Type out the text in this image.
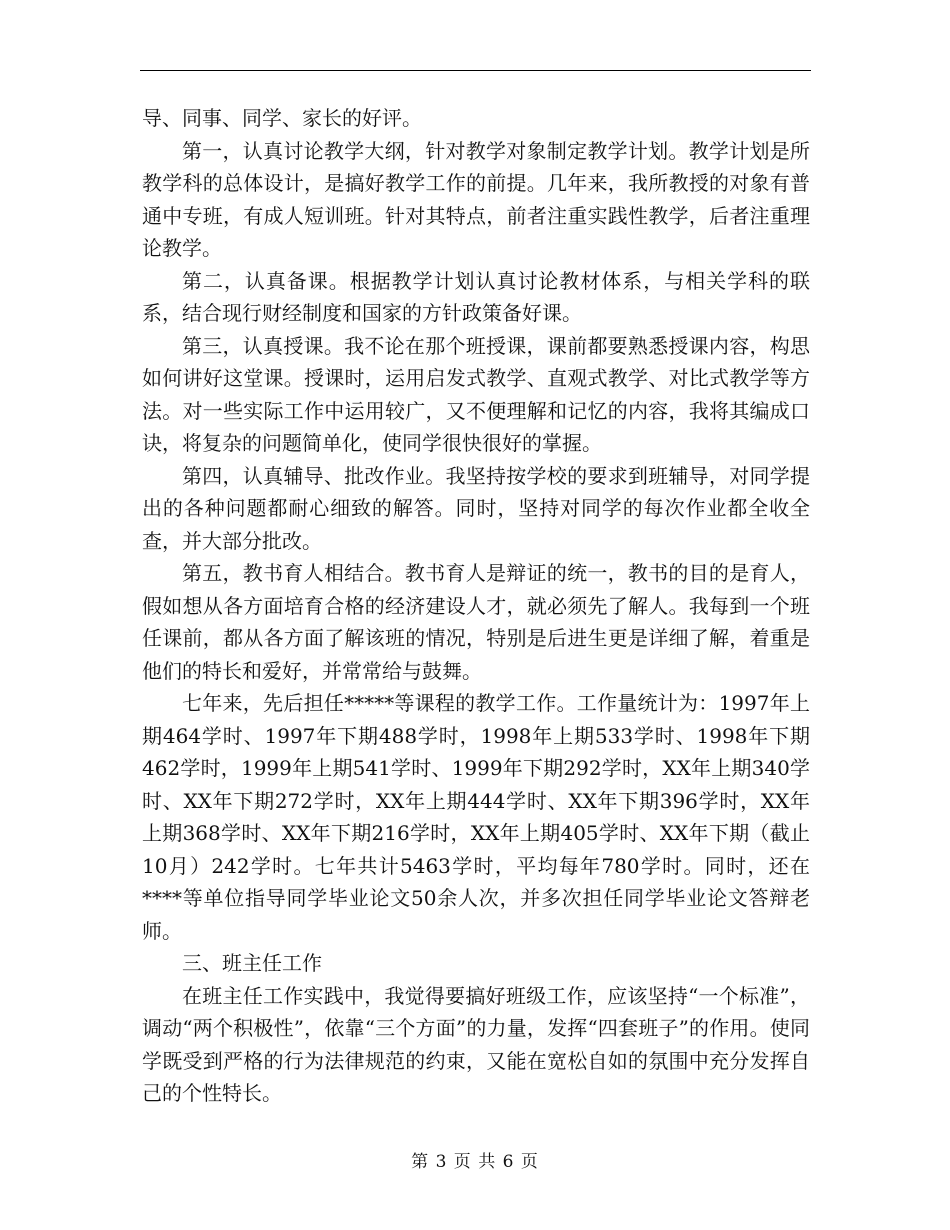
导、同事、同学、家长的好评。

第一，认真讨论教学大纲，针对教学对象制定教学计划。教学计划是所教学科的总体设计，是搞好教学工作的前提。几年来，我所教授的对象有普通中专班，有成人短训班。针对其特点，前者注重实践性教学，后者注重理论教学。

第二，认真备课。根据教学计划认真讨论教材体系，与相关学科的联系，结合现行财经制度和国家的方针政策备好课。

第三，认真授课。我不论在那个班授课，课前都要熟悉授课内容，构思如何讲好这堂课。授课时，运用启发式教学、直观式教学、对比式教学等方法。对一些实际工作中运用较广，又不便理解和记忆的内容，我将其编成口诀，将复杂的问题简单化，使同学很快很好的掌握。

第四，认真辅导、批改作业。我坚持按学校的要求到班辅导，对同学提出的各种问题都耐心细致的解答。同时，坚持对同学的每次作业都全收全查，并大部分批改。

第五，教书育人相结合。教书育人是辩证的统一，教书的目的是育人，假如想从各方面培育合格的经济建设人才，就必须先了解人。我每到一个班任课前，都从各方面了解该班的情况，特别是后进生更是详细了解，着重是他们的特长和爱好，并常常给与鼓舞。

七年来，先后担任*****等课程的教学工作。工作量统计为：1997年上期464学时、1997年下期488学时，1998年上期533学时、1998年下期462学时，1999年上期541学时、1999年下期292学时，XX年上期340学时、XX年下期272学时，XX年上期444学时、XX年下期396学时，XX年上期368学时、XX年下期216学时，XX年上期405学时、XX年下期（截止10月）242学时。七年共计5463学时，平均每年780学时。同时，还在****等单位指导同学毕业论文50余人次，并多次担任同学毕业论文答辩老师。

三、班主任工作

在班主任工作实践中，我觉得要搞好班级工作，应该坚持“一个标准”，调动“两个积极性”，依靠“三个方面”的力量，发挥“四套班子”的作用。使同学既受到严格的行为法律规范的约束，又能在宽松自如的氛围中充分发挥自己的个性特长。

第 3 页 共 6 页
